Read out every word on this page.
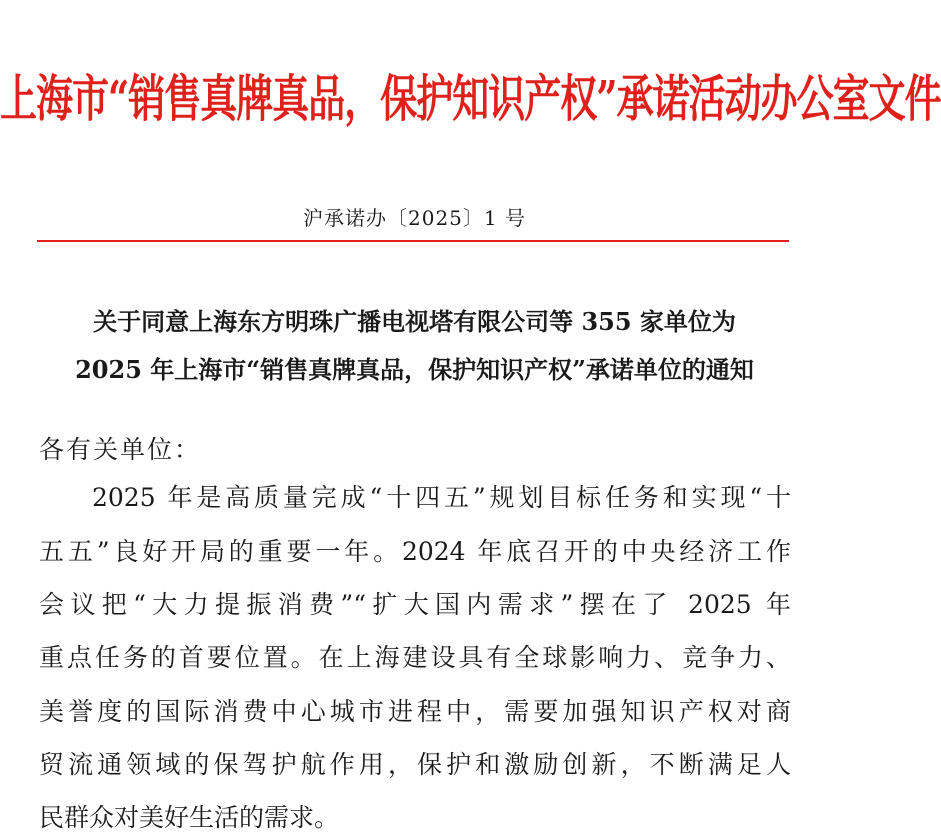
上海市“销售真牌真品，保护知识产权”承诺活动办公室文件
沪承诺办〔2025〕1 号
关于同意上海东方明珠广播电视塔有限公司等 355 家单位为
2025 年上海市“销售真牌真品，保护知识产权”承诺单位的通知
各有关单位：
2025 年是高质量完成“十四五”规划目标任务和实现“十
五五”良好开局的重要一年。2024 年底召开的中央经济工作
会议把“大力提振消费”“扩大国内需求”摆在了 2025 年
重点任务的首要位置。在上海建设具有全球影响力、竞争力、
美誉度的国际消费中心城市进程中，需要加强知识产权对商
贸流通领域的保驾护航作用，保护和激励创新，不断满足人
民群众对美好生活的需求。
